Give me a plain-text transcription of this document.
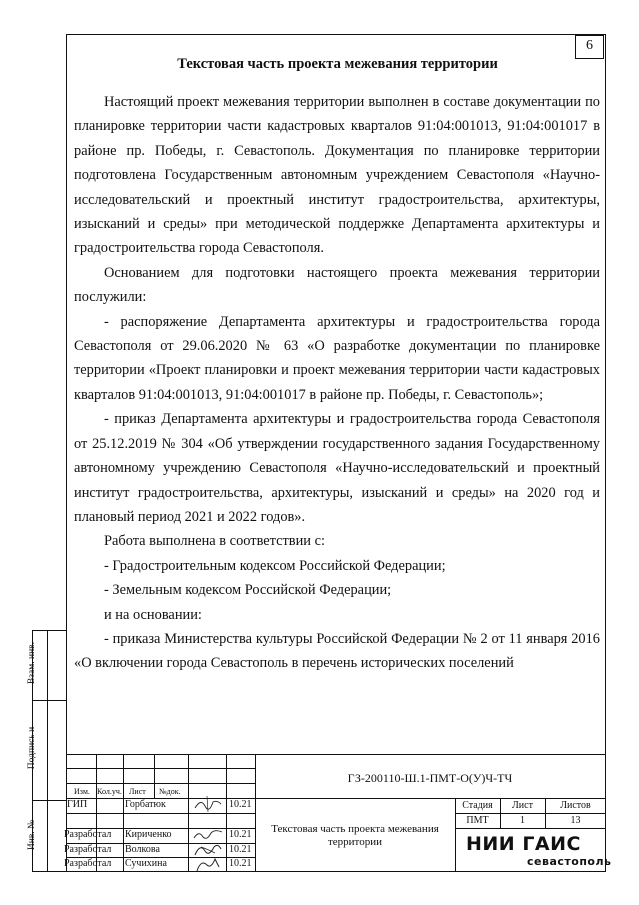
6
Текстовая часть проекта межевания территории

Настоящий проект межевания территории выполнен в составе документации по планировке территории части кадастровых кварталов 91:04:001013, 91:04:001017 в районе пр. Победы, г. Севастополь. Документация по планировке территории подготовлена Государственным автономным учреждением Севастополя «Научно-исследовательский и проектный институт градостроительства, архитектуры, изысканий и среды» при методической поддержке Департамента архитектуры и градостроительства города Севастополя.

Основанием для подготовки настоящего проекта межевания территории послужили:

- распоряжение Департамента архитектуры и градостроительства города Севастополя от 29.06.2020 № 63 «О разработке документации по планировке территории «Проект планировки и проект межевания территории части кадастровых кварталов 91:04:001013, 91:04:001017 в районе пр. Победы, г. Севастополь»;

- приказ Департамента архитектуры и градостроительства города Севастополя от 25.12.2019 № 304 «Об утверждении государственного задания Государственному автономному учреждению Севастополя «Научно-исследовательский и проектный институт градостроительства, архитектуры, изысканий и среды» на 2020 год и плановый период 2021 и 2022 годов».

Работа выполнена в соответствии с:

- Градостроительным кодексом Российской Федерации;

- Земельным кодексом Российской Федерации;

и на основании:

- приказа Министерства культуры Российской Федерации № 2 от 11 января 2016 «О включении города Севастополь в перечень исторических поселений

Взам. инв.
Подпись и
Инв. №
Изм. Кол.уч. Лист №док.
ГИП	Горбатюк	10.21
Разработал Кириченко	10.21
Разработал Волкова	10.21
Разработал Сучихина	10.21
ГЗ-200110-Ш.1-ПМТ-О(У)Ч-ТЧ
Текстовая часть проекта межевания территории
Стадия	Лист	Листов
ПМТ	1	13
НИИ ГАИС
севастополь
